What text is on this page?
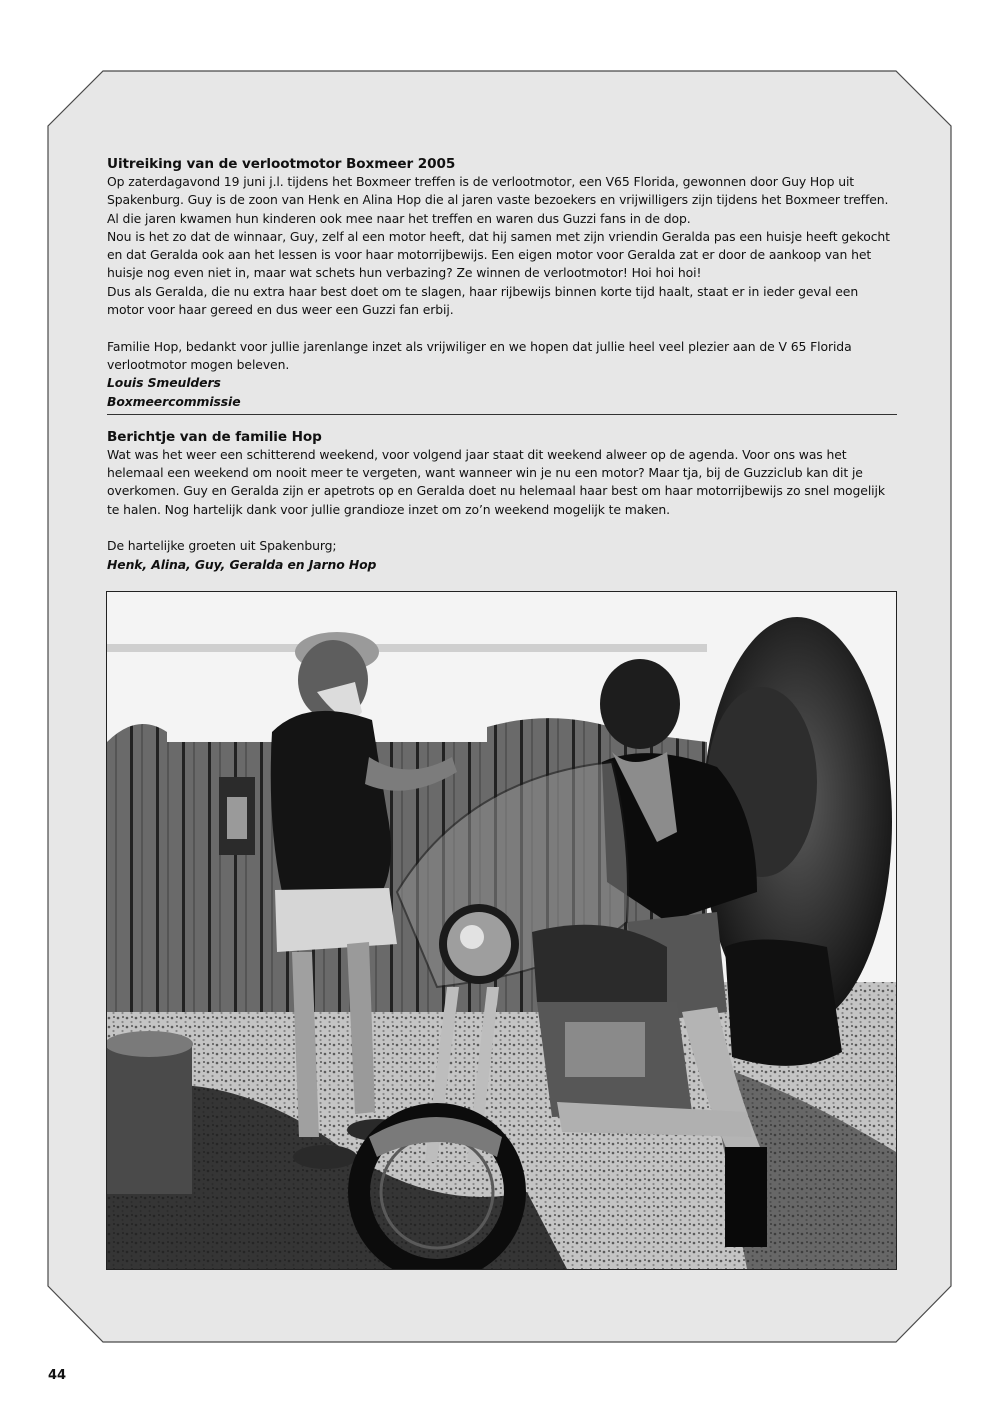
Uitreiking van de verlootmotor Boxmeer 2005

Op zaterdagavond 19 juni j.l. tijdens het Boxmeer treffen is de verlootmotor, een V65 Florida, gewonnen door Guy Hop uit Spakenburg. Guy is de zoon van Henk en Alina Hop die al jaren vaste bezoekers en vrijwilligers zijn tijdens het Boxmeer treffen. Al die jaren kwamen hun kinderen ook mee naar het treffen en waren dus Guzzi fans in de dop.

Nou is het zo dat de winnaar, Guy, zelf al een motor heeft, dat hij samen met zijn vriendin Geralda pas een huisje heeft gekocht en dat Geralda ook aan het lessen is voor haar motorrijbewijs. Een eigen motor voor Geralda zat er door de aankoop van het huisje nog even niet in, maar wat schets hun verbazing? Ze winnen de verlootmotor! Hoi hoi hoi!

Dus als Geralda, die nu extra haar best doet om te slagen, haar rijbewijs binnen korte tijd haalt, staat er in ieder geval een motor voor haar gereed en dus weer een Guzzi fan erbij.

Familie Hop, bedankt voor jullie jarenlange inzet als vrijwiliger en we hopen dat jullie heel veel plezier aan de V 65 Florida verlootmotor mogen beleven.

Louis Smeulders

Boxmeercommissie

Berichtje van de familie Hop

Wat was het weer een schitterend weekend, voor volgend jaar staat dit weekend alweer op de agenda. Voor ons was het helemaal een weekend om nooit meer te vergeten, want wanneer win je nu een motor? Maar tja, bij de Guzziclub kan dit je overkomen. Guy en Geralda zijn er apetrots op en Geralda doet nu helemaal haar best om haar motorrijbewijs zo snel mogelijk te halen. Nog hartelijk dank voor jullie grandioze inzet om zo’n weekend mogelijk te maken.

De hartelijke groeten uit Spakenburg;

Henk, Alina, Guy, Geralda en Jarno Hop

44
